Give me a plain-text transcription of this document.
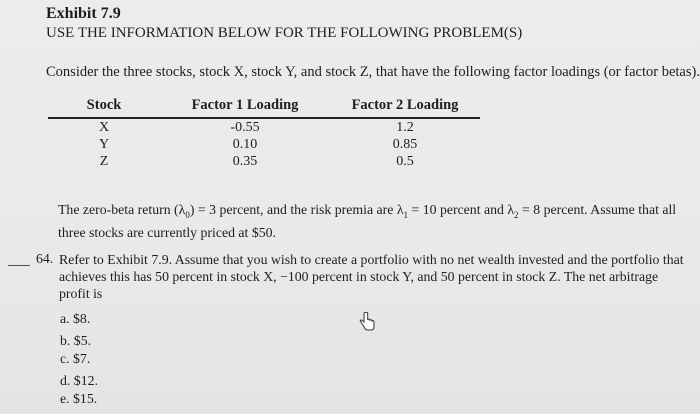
Exhibit 7.9
USE THE INFORMATION BELOW FOR THE FOLLOWING PROBLEM(S)
Consider the three stocks, stock X, stock Y, and stock Z, that have the following factor loadings (or factor betas).
Stock	Factor 1 Loading	Factor 2 Loading
X	-0.55	1.2
Y	0.10	0.85
Z	0.35	0.5
The zero-beta return $(\lambda_0) = 3$ percent, and the risk premia are $\lambda_1 = 10$ percent and $\lambda_2 = 8$ percent. Assume that all three stocks are currently priced at $50.
64. Refer to Exhibit 7.9. Assume that you wish to create a portfolio with no net wealth invested and the portfolio that achieves this has 50 percent in stock X, −100 percent in stock Y, and 50 percent in stock Z. The net arbitrage profit is
a. $8.
b. $5.
c. $7.
d. $12.
e. $15.
